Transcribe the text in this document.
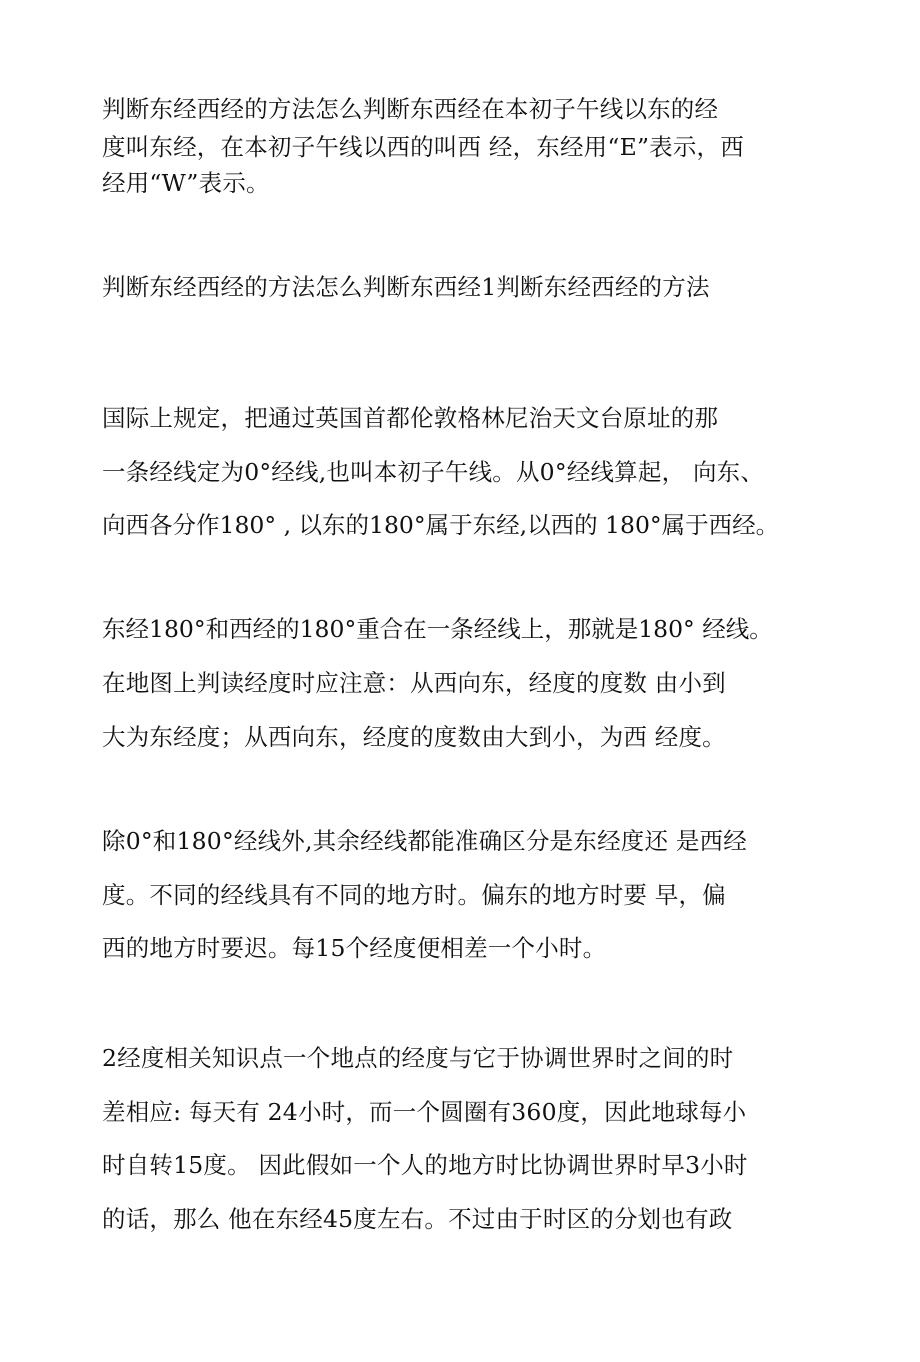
判断东经西经的方法怎么判断东西经在本初子午线以东的经
度叫东经，在本初子午线以西的叫西 经，东经用“E”表示，西
经用“W”表示。
判断东经西经的方法怎么判断东西经1判断东经西经的方法
国际上规定，把通过英国首都伦敦格林尼治天文台原址的那
一条经线定为0°经线,也叫本初子午线。从0°经线算起， 向东、
向西各分作180° , 以东的180°属于东经,以西的 180°属于西经。
东经180°和西经的180°重合在一条经线上，那就是180° 经线。
在地图上判读经度时应注意：从西向东，经度的度数 由小到
大为东经度；从西向东，经度的度数由大到小，为西 经度。
除0°和180°经线外,其余经线都能准确区分是东经度还 是西经
度。不同的经线具有不同的地方时。偏东的地方时要 早，偏
西的地方时要迟。每15个经度便相差一个小时。
2经度相关知识点一个地点的经度与它于协调世界时之间的时
差相应: 每天有 24小时，而一个圆圈有360度，因此地球每小
时自转15度。 因此假如一个人的地方时比协调世界时早3小时
的话，那么 他在东经45度左右。不过由于时区的分划也有政
